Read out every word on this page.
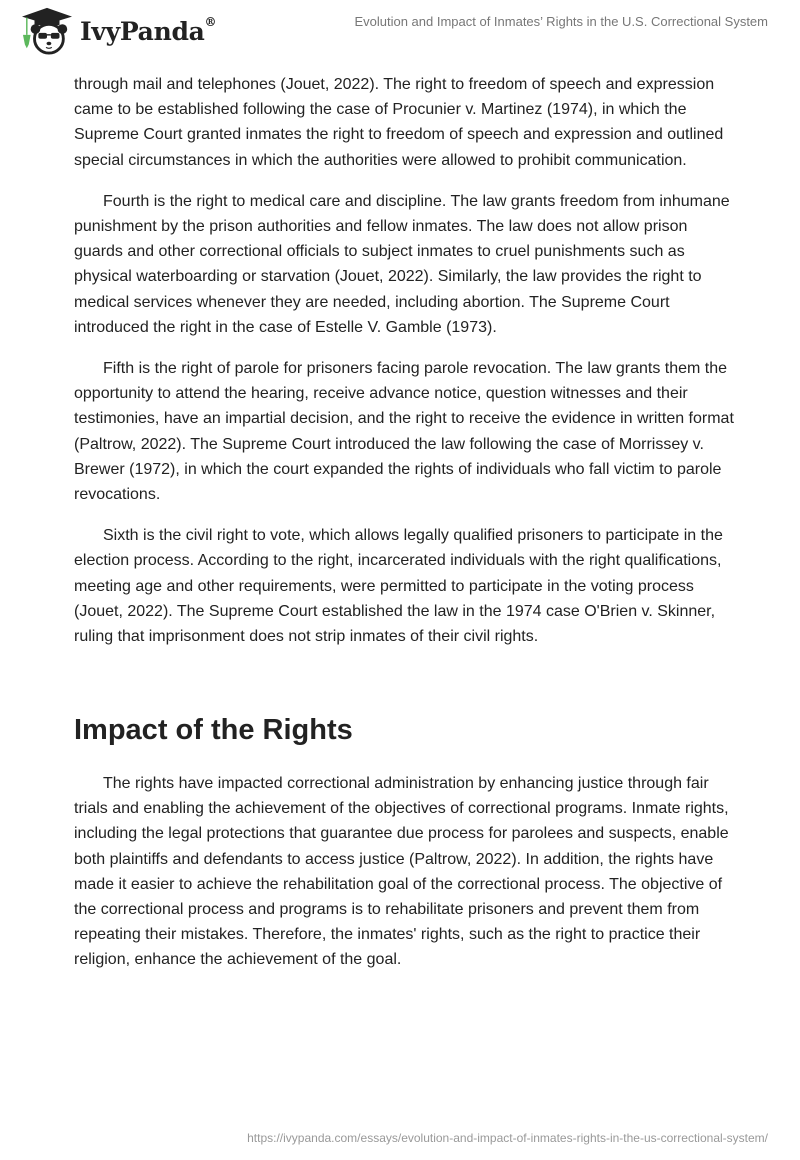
IvyPanda®	Evolution and Impact of Inmates’ Rights in the U.S. Correctional System

through mail and telephones (Jouet, 2022). The right to freedom of speech and expression came to be established following the case of Procunier v. Martinez (1974), in which the Supreme Court granted inmates the right to freedom of speech and expression and outlined special circumstances in which the authorities were allowed to prohibit communication.

Fourth is the right to medical care and discipline. The law grants freedom from inhumane punishment by the prison authorities and fellow inmates. The law does not allow prison guards and other correctional officials to subject inmates to cruel punishments such as physical waterboarding or starvation (Jouet, 2022). Similarly, the law provides the right to medical services whenever they are needed, including abortion. The Supreme Court introduced the right in the case of Estelle V. Gamble (1973).

Fifth is the right of parole for prisoners facing parole revocation. The law grants them the opportunity to attend the hearing, receive advance notice, question witnesses and their testimonies, have an impartial decision, and the right to receive the evidence in written format (Paltrow, 2022). The Supreme Court introduced the law following the case of Morrissey v. Brewer (1972), in which the court expanded the rights of individuals who fall victim to parole revocations.

Sixth is the civil right to vote, which allows legally qualified prisoners to participate in the election process. According to the right, incarcerated individuals with the right qualifications, meeting age and other requirements, were permitted to participate in the voting process (Jouet, 2022). The Supreme Court established the law in the 1974 case O'Brien v. Skinner, ruling that imprisonment does not strip inmates of their civil rights.

Impact of the Rights

The rights have impacted correctional administration by enhancing justice through fair trials and enabling the achievement of the objectives of correctional programs. Inmate rights, including the legal protections that guarantee due process for parolees and suspects, enable both plaintiffs and defendants to access justice (Paltrow, 2022). In addition, the rights have made it easier to achieve the rehabilitation goal of the correctional process. The objective of the correctional process and programs is to rehabilitate prisoners and prevent them from repeating their mistakes. Therefore, the inmates' rights, such as the right to practice their religion, enhance the achievement of the goal.

https://ivypanda.com/essays/evolution-and-impact-of-inmates-rights-in-the-us-correctional-system/
